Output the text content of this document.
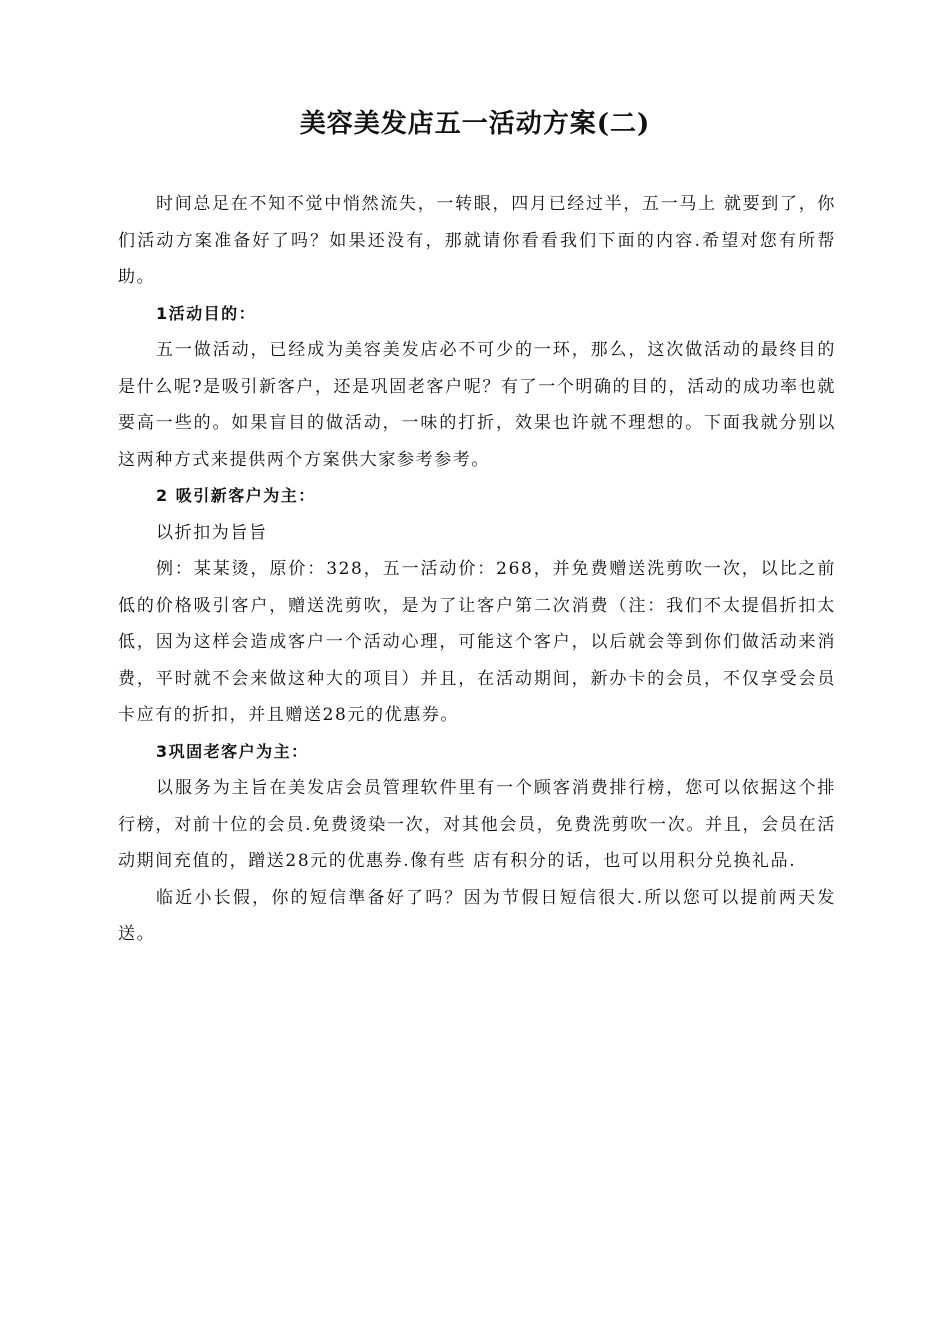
美容美发店五一活动方案(二)

时间总足在不知不觉中悄然流失，一转眼，四月已经过半，五一马上 就要到了，你们活动方案准备好了吗？如果还没有，那就请你看看我们下面的内容.希望对您有所帮助。

1活动目的：

五一做活动，已经成为美容美发店必不可少的一环，那么，这次做活动的最终目的是什么呢?是吸引新客户，还是巩固老客户呢？有了一个明确的目的，活动的成功率也就要高一些的。如果盲目的做活动，一味的打折，效果也许就不理想的。下面我就分别以这两种方式来提供两个方案供大家参考参考。

2 吸引新客户为主：

以折扣为旨旨

例：某某烫，原价：328，五一活动价：268，并免费赠送洗剪吹一次，以比之前低的价格吸引客户，赠送洗剪吹，是为了让客户第二次消费（注：我们不太提倡折扣太低，因为这样会造成客户一个活动心理，可能这个客户，以后就会等到你们做活动来消费，平时就不会来做这种大的项目）并且，在活动期间，新办卡的会员，不仅享受会员卡应有的折扣，并且赠送28元的优惠券。

3巩固老客户为主：

以服务为主旨在美发店会员管理软件里有一个顾客消费排行榜，您可以依据这个排行榜，对前十位的会员.免费烫染一次，对其他会员，免费洗剪吹一次。并且，会员在活动期间充值的，蹭送28元的优惠券.像有些 店有积分的话，也可以用积分兑换礼品.

临近小长假，你的短信準备好了吗？因为节假日短信很大.所以您可以提前两天发送。
